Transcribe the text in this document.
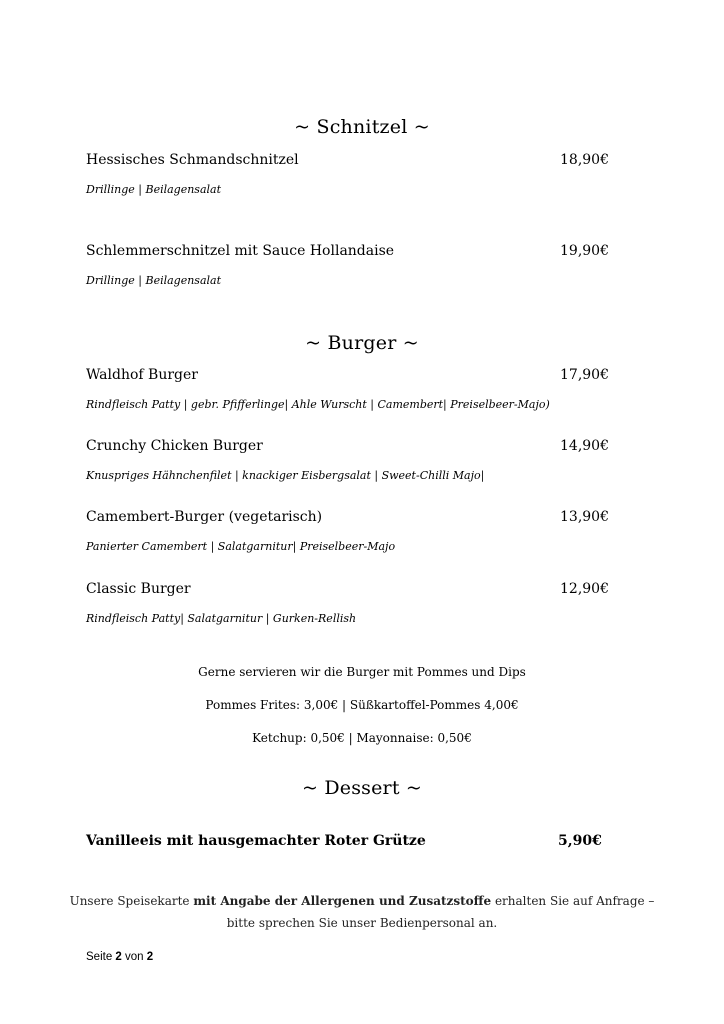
~ Schnitzel ~
Hessisches Schmandschnitzel	18,90€
Drillinge | Beilagensalat
Schlemmerschnitzel mit Sauce Hollandaise	19,90€
Drillinge | Beilagensalat
~ Burger ~
Waldhof Burger	17,90€
Rindfleisch Patty | gebr. Pfifferlinge| Ahle Wurscht | Camembert| Preiselbeer-Majo)
Crunchy Chicken Burger	14,90€
Knuspriges Hähnchenfilet | knackiger Eisbergsalat | Sweet-Chilli Majo|
Camembert-Burger (vegetarisch)	13,90€
Panierter Camembert | Salatgarnitur| Preiselbeer-Majo
Classic Burger	12,90€
Rindfleisch Patty| Salatgarnitur | Gurken-Rellish
Gerne servieren wir die Burger mit Pommes und Dips
Pommes Frites: 3,00€ | Süßkartoffel-Pommes 4,00€
Ketchup: 0,50€ | Mayonnaise: 0,50€
~ Dessert ~
Vanilleeis mit hausgemachter Roter Grütze	5,90€
Unsere Speisekarte mit Angabe der Allergenen und Zusatzstoffe erhalten Sie auf Anfrage –
bitte sprechen Sie unser Bedienpersonal an.
Seite 2 von 2
